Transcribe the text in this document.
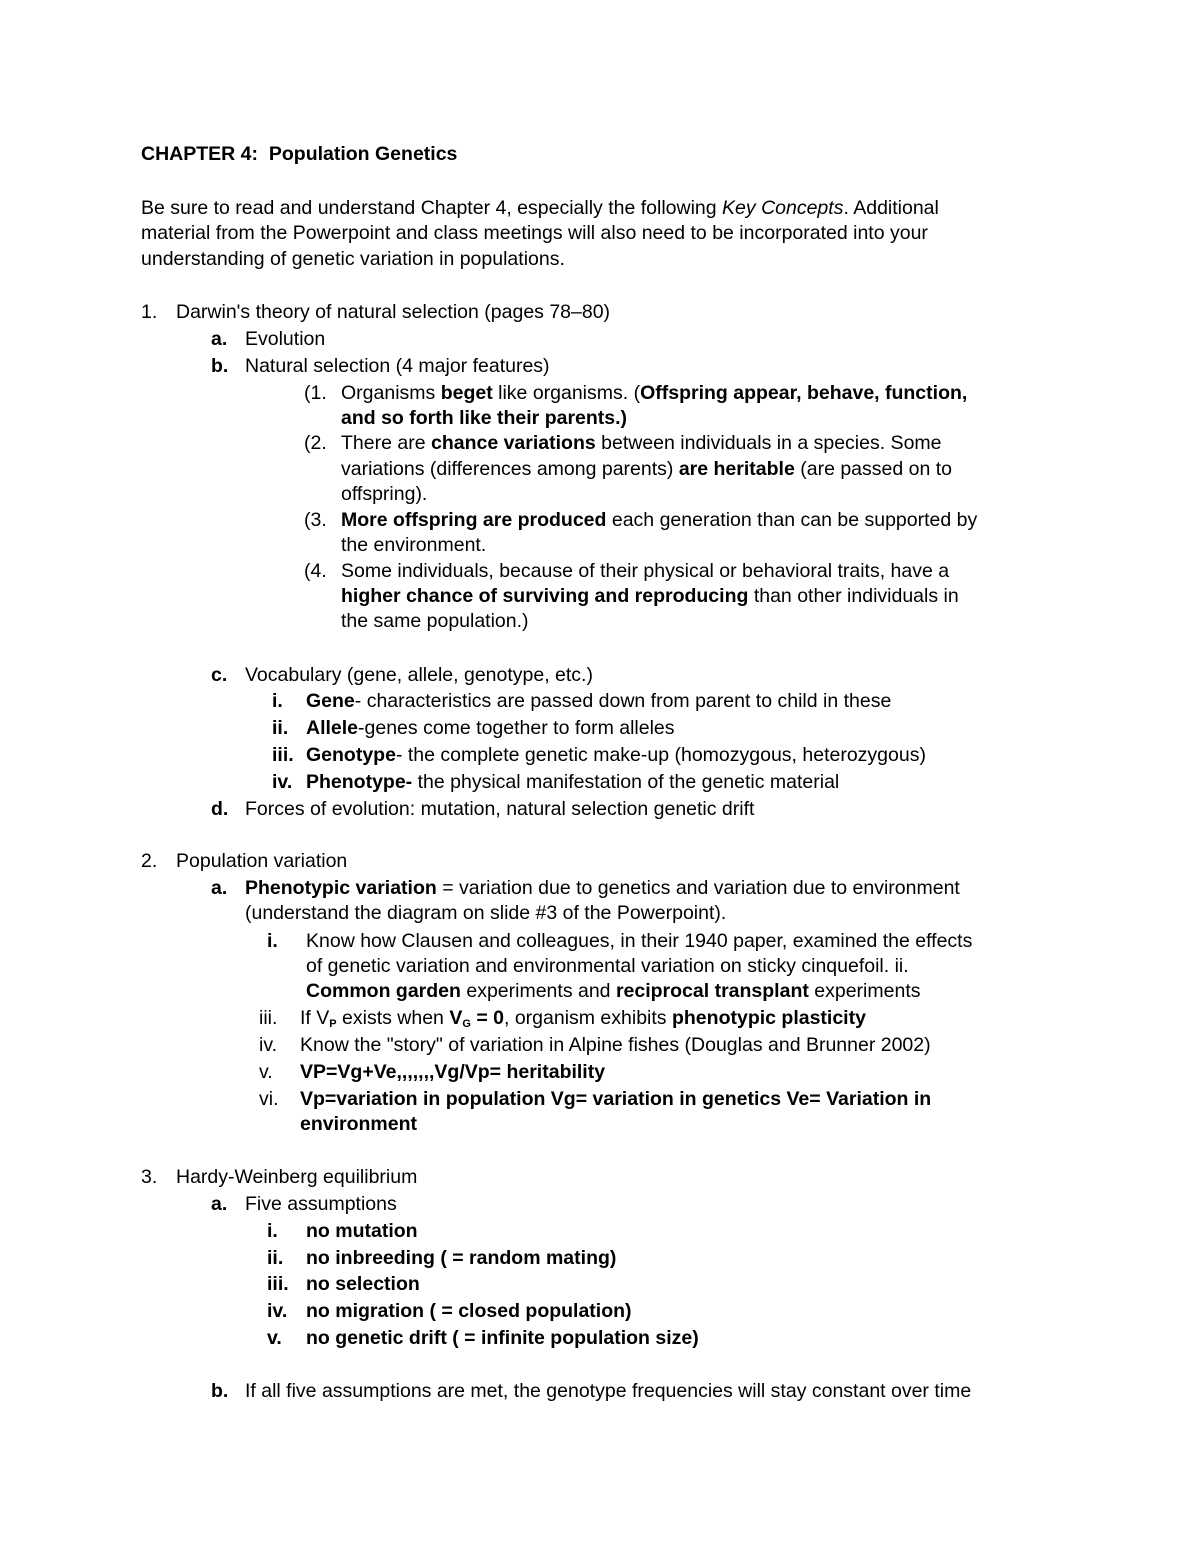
CHAPTER 4: Population Genetics
Be sure to read and understand Chapter 4, especially the following Key Concepts. Additional
material from the Powerpoint and class meetings will also need to be incorporated into your
understanding of genetic variation in populations.
1. Darwin's theory of natural selection (pages 78–80)
a. Evolution
b. Natural selection (4 major features)
(1. Organisms beget like organisms. (Offspring appear, behave, function,
and so forth like their parents.)
(2. There are chance variations between individuals in a species. Some
variations (differences among parents) are heritable (are passed on to
offspring).
(3. More offspring are produced each generation than can be supported by
the environment.
(4. Some individuals, because of their physical or behavioral traits, have a
higher chance of surviving and reproducing than other individuals in
the same population.)
c. Vocabulary (gene, allele, genotype, etc.)
i. Gene- characteristics are passed down from parent to child in these
ii. Allele-genes come together to form alleles
iii. Genotype- the complete genetic make-up (homozygous, heterozygous)
iv. Phenotype- the physical manifestation of the genetic material
d. Forces of evolution: mutation, natural selection genetic drift
2. Population variation
a. Phenotypic variation = variation due to genetics and variation due to environment
(understand the diagram on slide #3 of the Powerpoint).
i. Know how Clausen and colleagues, in their 1940 paper, examined the effects
of genetic variation and environmental variation on sticky cinquefoil. ii.
Common garden experiments and reciprocal transplant experiments
iii. If $V_P$ exists when $V_G = 0$, organism exhibits phenotypic plasticity
iv. Know the "story" of variation in Alpine fishes (Douglas and Brunner 2002)
v. VP=Vg+Ve,,,,,,,Vg/Vp= heritability
vi. Vp=variation in population Vg= variation in genetics Ve= Variation in
environment
3. Hardy-Weinberg equilibrium
a. Five assumptions
i. no mutation
ii. no inbreeding ( = random mating)
iii. no selection
iv. no migration ( = closed population)
v. no genetic drift ( = infinite population size)
b. If all five assumptions are met, the genotype frequencies will stay constant over time
